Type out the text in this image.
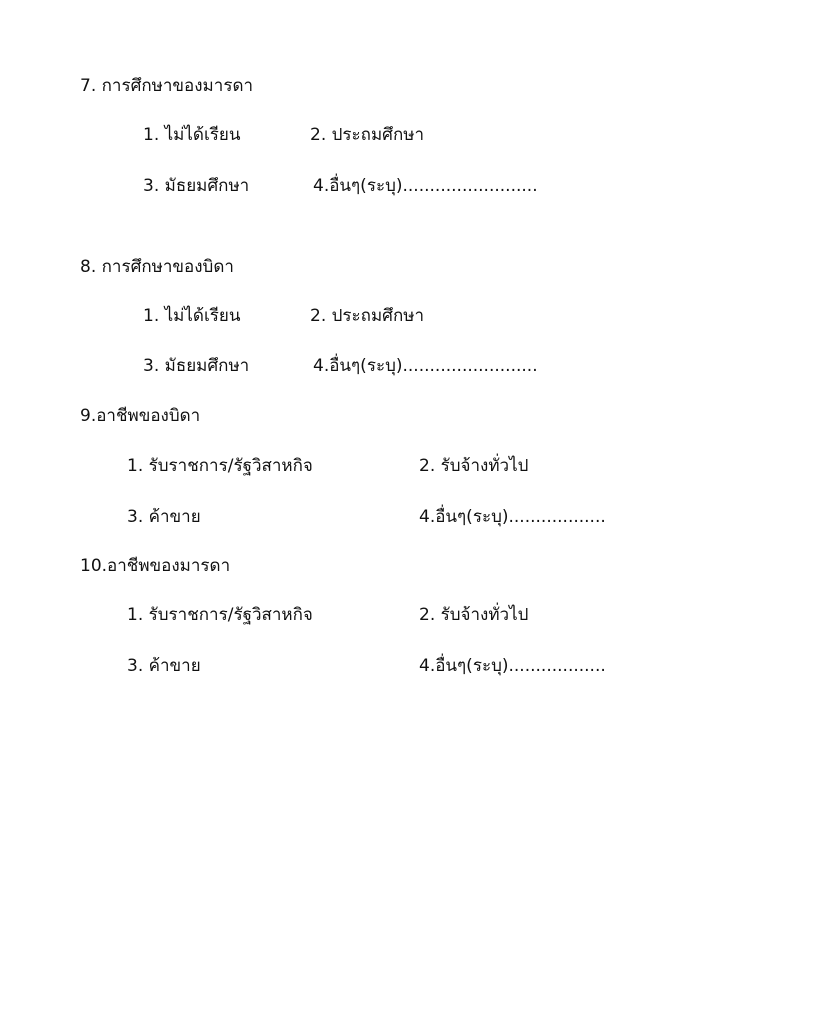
7. การศึกษาของมารดา
1. ไม่ได้เรียน	2. ประถมศึกษา
3. มัธยมศึกษา	4.อื่นๆ(ระบุ).........................
8. การศึกษาของบิดา
1. ไม่ได้เรียน	2. ประถมศึกษา
3. มัธยมศึกษา	4.อื่นๆ(ระบุ).........................
9.อาชีพของบิดา
1. รับราชการ/รัฐวิสาหกิจ	2. รับจ้างทั่วไป
3. ค้าขาย	4.อื่นๆ(ระบุ)..................
10.อาชีพของมารดา
1. รับราชการ/รัฐวิสาหกิจ	2. รับจ้างทั่วไป
3. ค้าขาย	4.อื่นๆ(ระบุ)..................
